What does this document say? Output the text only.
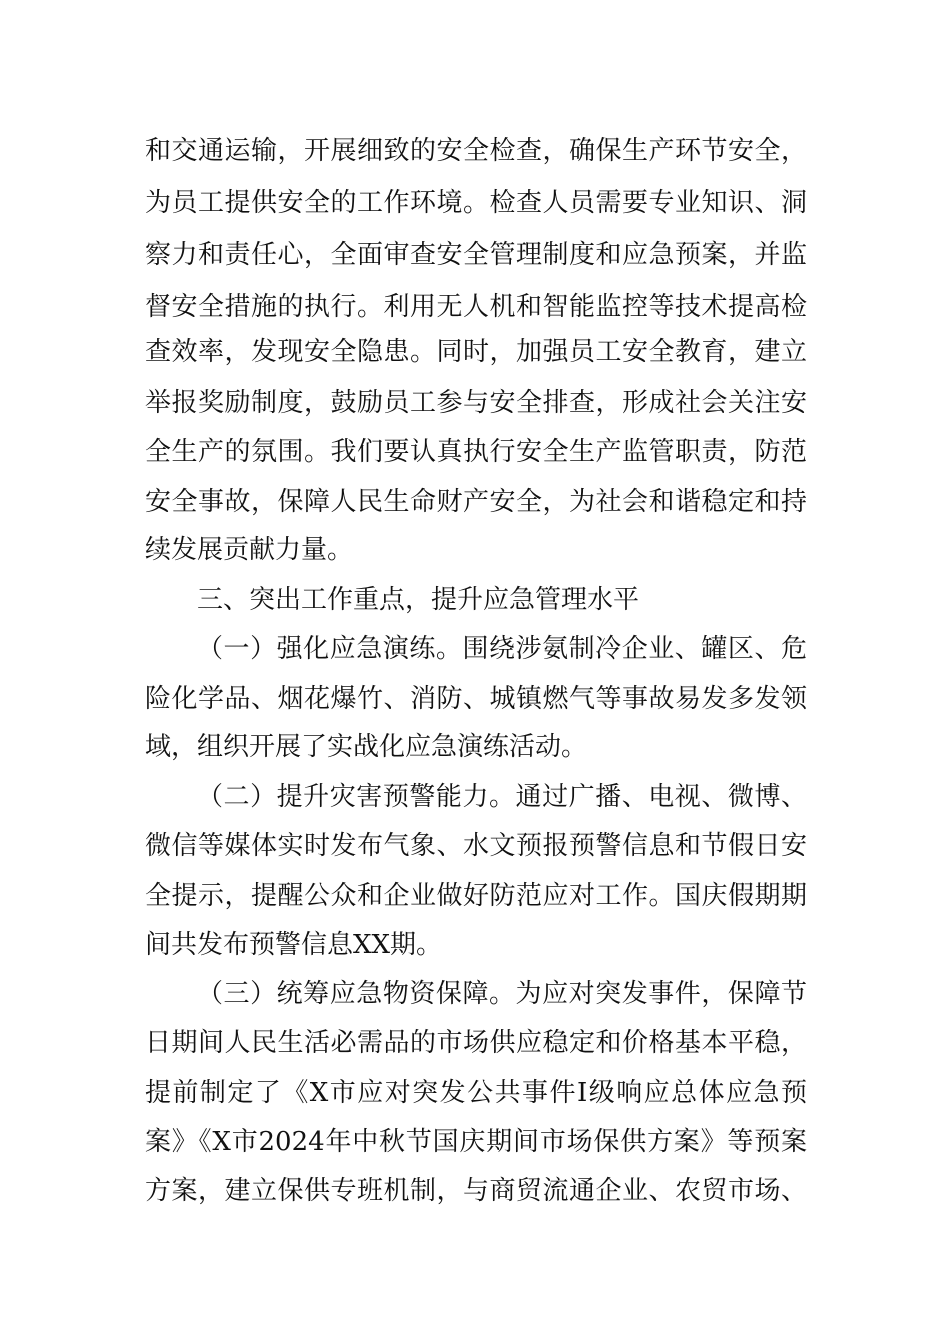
和交通运输，开展细致的安全检查，确保生产环节安全，
为员工提供安全的工作环境。检查人员需要专业知识、洞
察力和责任心，全面审查安全管理制度和应急预案，并监
督安全措施的执行。利用无人机和智能监控等技术提高检
查效率，发现安全隐患。同时，加强员工安全教育，建立
举报奖励制度，鼓励员工参与安全排查，形成社会关注安
全生产的氛围。我们要认真执行安全生产监管职责，防范
安全事故，保障人民生命财产安全，为社会和谐稳定和持
续发展贡献力量。
三、突出工作重点，提升应急管理水平
（一）强化应急演练。围绕涉氨制冷企业、罐区、危
险化学品、烟花爆竹、消防、城镇燃气等事故易发多发领
域，组织开展了实战化应急演练活动。
（二）提升灾害预警能力。通过广播、电视、微博、
微信等媒体实时发布气象、水文预报预警信息和节假日安
全提示，提醒公众和企业做好防范应对工作。国庆假期期
间共发布预警信息XX期。
（三）统筹应急物资保障。为应对突发事件，保障节
日期间人民生活必需品的市场供应稳定和价格基本平稳，
提前制定了《X市应对突发公共事件Ⅰ级响应总体应急预
案》《X市2024年中秋节国庆期间市场保供方案》等预案
方案，建立保供专班机制，与商贸流通企业、农贸市场、
